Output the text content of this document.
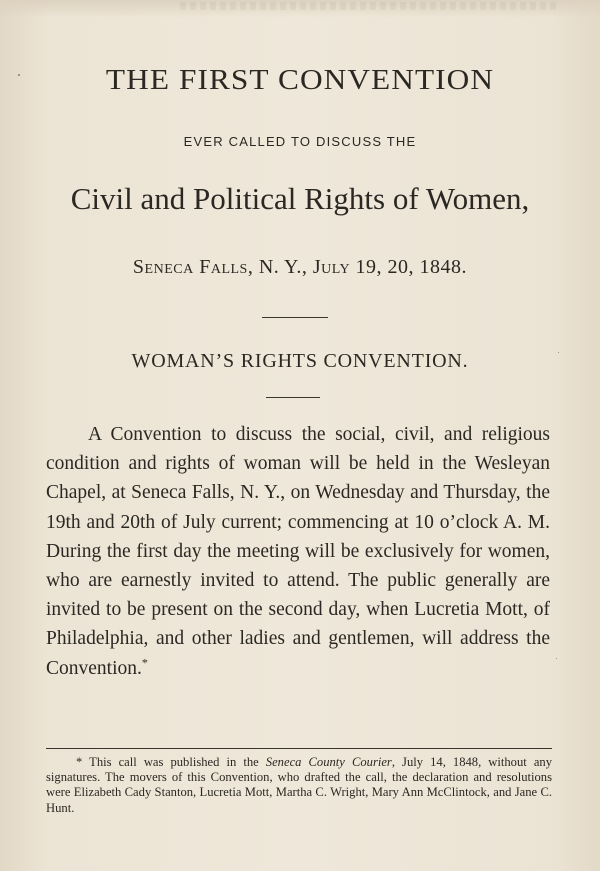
THE FIRST CONVENTION
EVER CALLED TO DISCUSS THE
Civil and Political Rights of Women,
Seneca Falls, N. Y., July 19, 20, 1848.
WOMAN’S RIGHTS CONVENTION.

A Convention to discuss the social, civil, and religious condition and rights of woman will be held in the Wesleyan Chapel, at Seneca Falls, N. Y., on Wednesday and Thursday, the 19th and 20th of July current; commencing at 10 o’clock A. M. During the first day the meeting will be exclusively for women, who are earnestly invited to attend. The public generally are invited to be present on the second day, when Lucretia Mott, of Philadelphia, and other ladies and gentlemen, will address the Convention.*

* This call was published in the Seneca County Courier, July 14, 1848, without any signatures. The movers of this Convention, who drafted the call, the declaration and resolutions were Elizabeth Cady Stanton, Lucretia Mott, Martha C. Wright, Mary Ann McClintock, and Jane C. Hunt.
